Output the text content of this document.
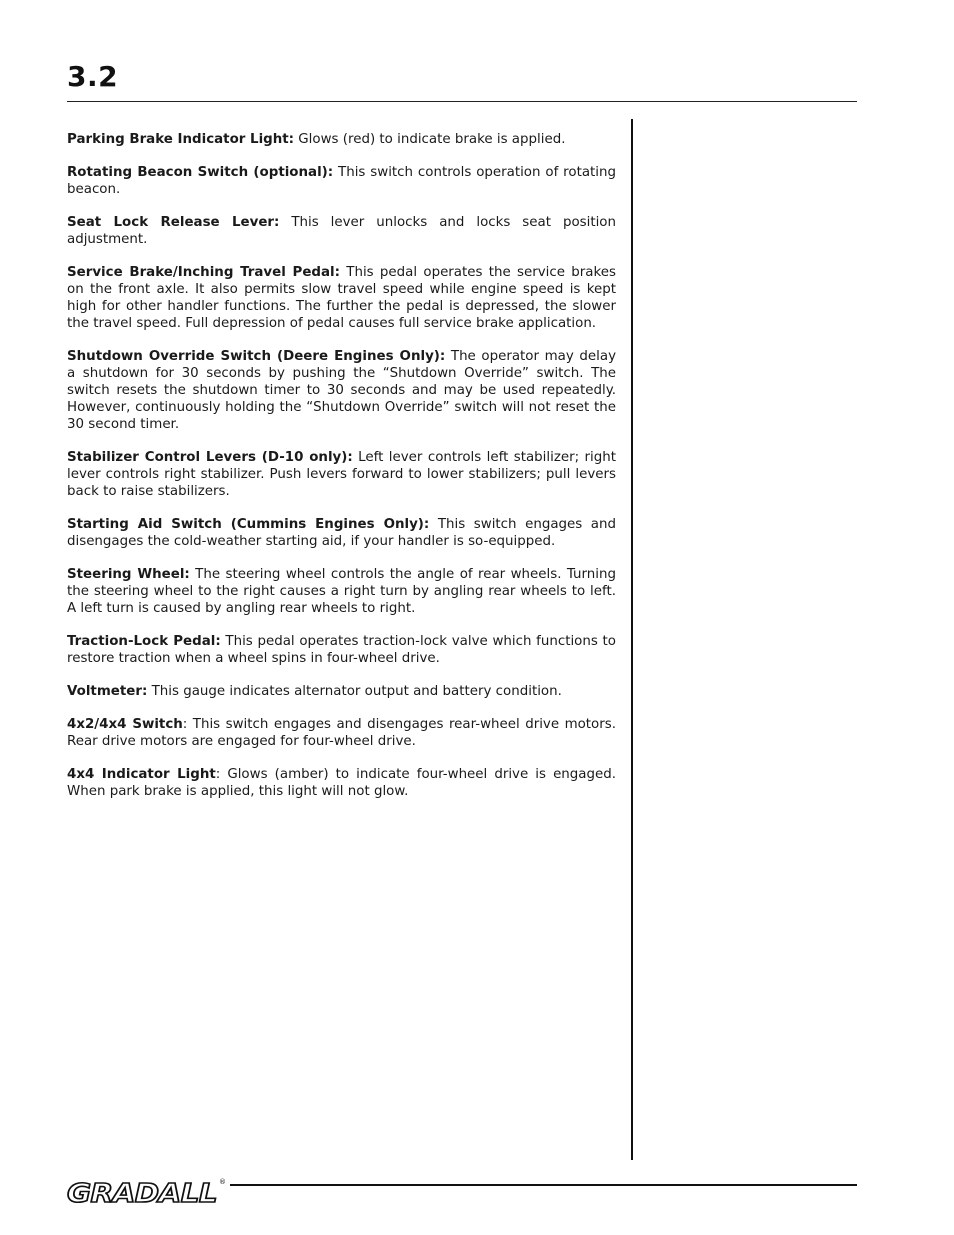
3.2

Parking Brake Indicator Light: Glows (red) to indicate brake is applied.

Rotating Beacon Switch (optional): This switch controls operation of rotating beacon.

Seat Lock Release Lever: This lever unlocks and locks seat position adjustment.

Service Brake/Inching Travel Pedal: This pedal operates the service brakes on the front axle. It also permits slow travel speed while engine speed is kept high for other handler functions. The further the pedal is depressed, the slower the travel speed. Full depression of pedal causes full service brake application.

Shutdown Override Switch (Deere Engines Only): The operator may delay a shutdown for 30 seconds by pushing the “Shutdown Override” switch. The switch resets the shutdown timer to 30 seconds and may be used repeatedly. However, continuously holding the “Shutdown Override” switch will not reset the 30 second timer.

Stabilizer Control Levers (D-10 only): Left lever controls left stabilizer; right lever controls right stabilizer. Push levers forward to lower stabilizers; pull levers back to raise stabilizers.

Starting Aid Switch (Cummins Engines Only): This switch engages and disengages the cold-weather starting aid, if your handler is so-equipped.

Steering Wheel: The steering wheel controls the angle of rear wheels. Turning the steering wheel to the right causes a right turn by angling rear wheels to left. A left turn is caused by angling rear wheels to right.

Traction-Lock Pedal: This pedal operates traction-lock valve which functions to restore traction when a wheel spins in four-wheel drive.

Voltmeter: This gauge indicates alternator output and battery condition.

4x2/4x4 Switch: This switch engages and disengages rear-wheel drive motors. Rear drive motors are engaged for four-wheel drive.

4x4 Indicator Light: Glows (amber) to indicate four-wheel drive is engaged. When park brake is applied, this light will not glow.

GRADALL ®
